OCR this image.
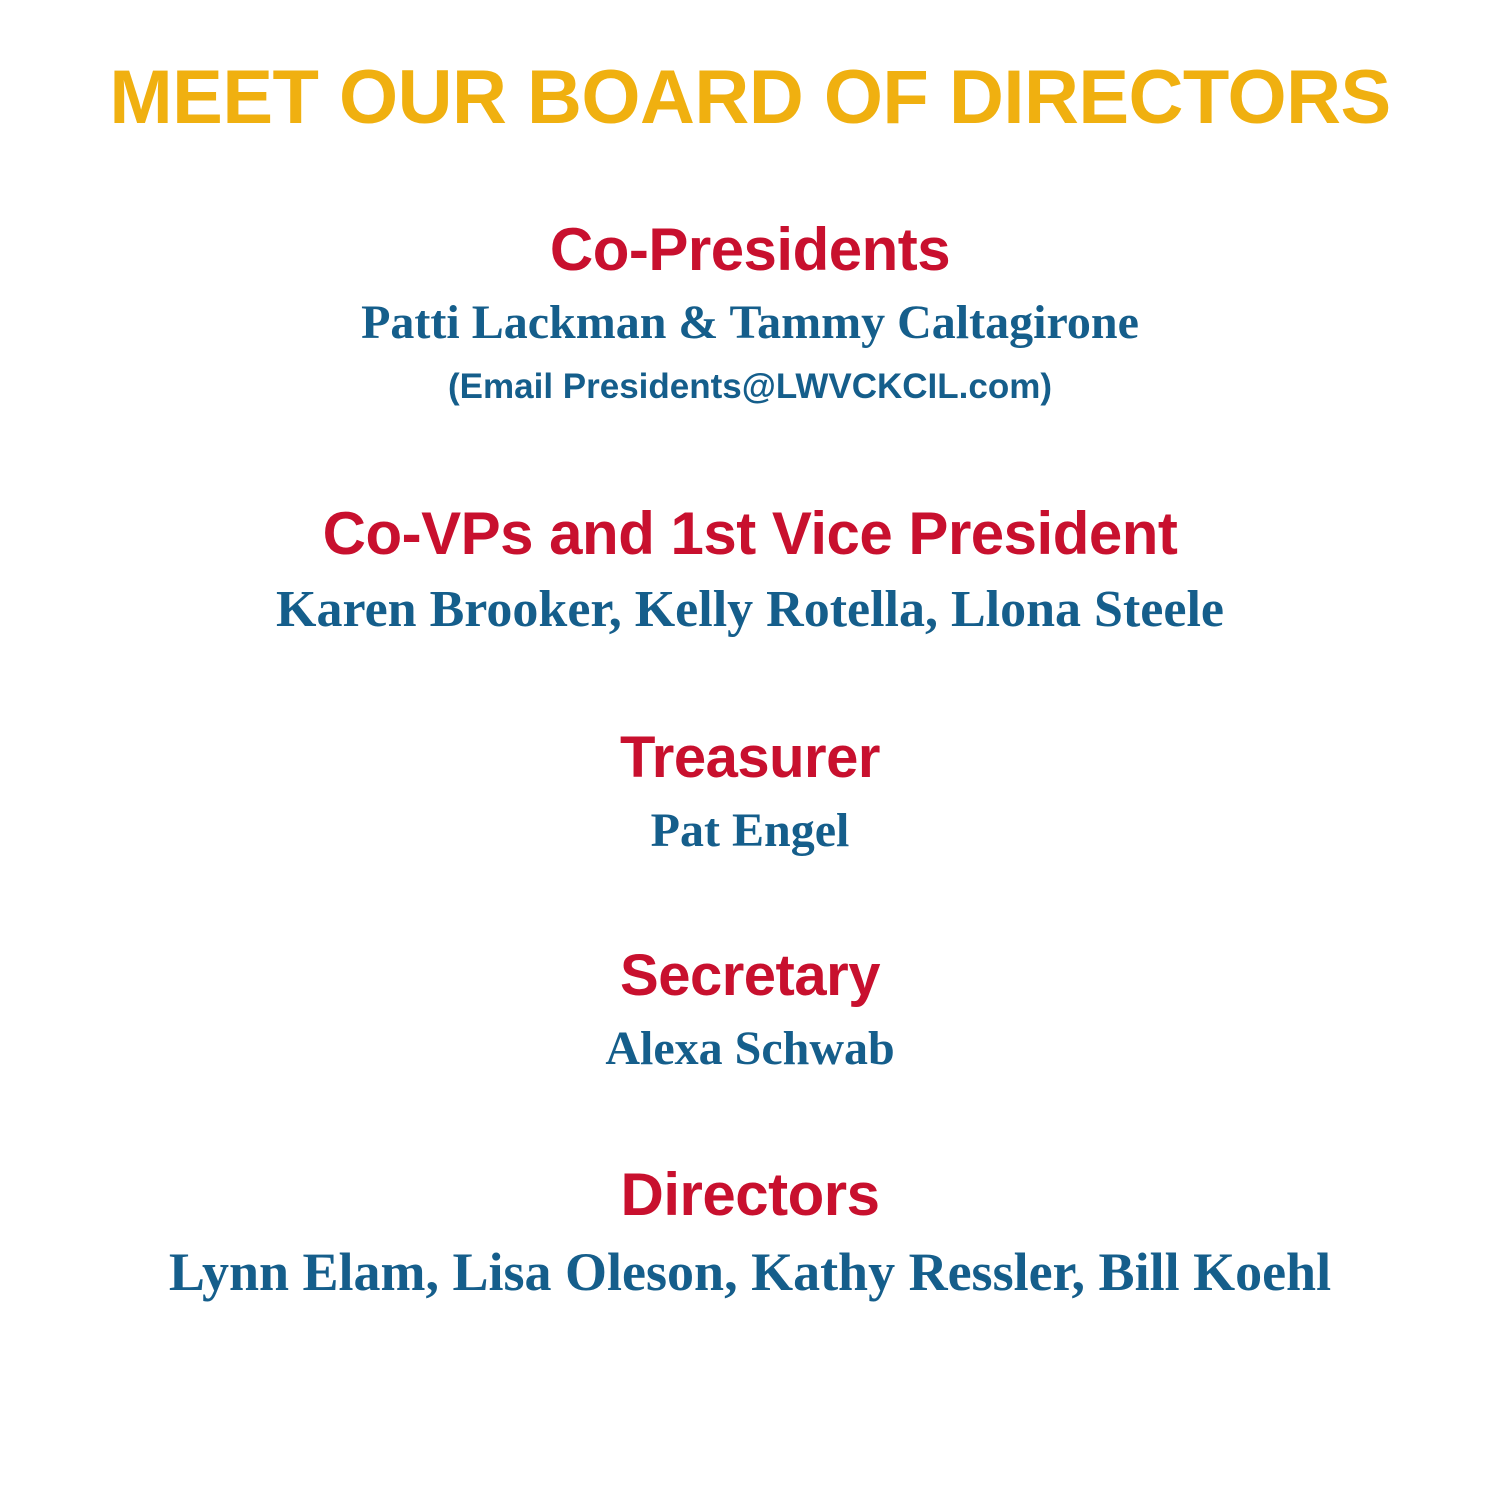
MEET OUR BOARD OF DIRECTORS
Co-Presidents
Patti Lackman & Tammy Caltagirone
(Email Presidents@LWVCKCIL.com)
Co-VPs and 1st Vice President
Karen Brooker, Kelly Rotella, Llona Steele
Treasurer
Pat Engel
Secretary
Alexa Schwab
Directors
Lynn Elam, Lisa Oleson, Kathy Ressler, Bill Koehl
